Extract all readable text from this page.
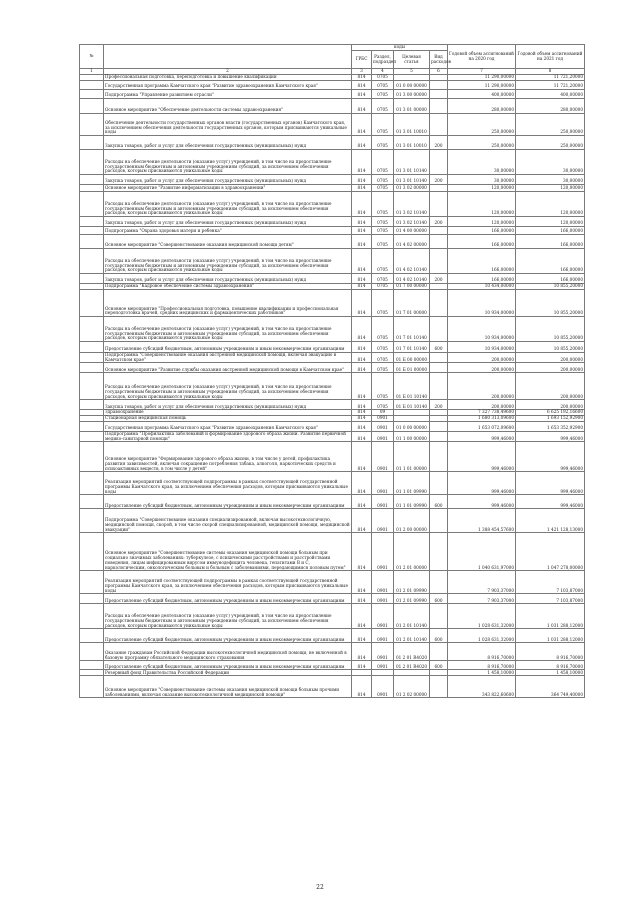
№		коды				Годовой объем ассигнований на 2020 год	Годовой объем ассигнований на 2021 год
		ГРБС	Раздел, подраздел	Целевая статья	Вид расходов		
1	2	3	4	5	6	7	8
	Профессиональная подготовка, переподготовка и повышение квалификации	814	0705			11 290,00000	11 721,20000
	Государственная программа Камчатского края "Развитие здравоохранения Камчатского края"	814	0705	01 0 00 00000		11 290,00000	11 721,20000
	Подпрограмма "Управление развитием отрасли"	814	0705	01 3 00 00000		400,00000	400,00000
	Основное мероприятие "Обеспечение деятельности системы здравоохранения"	814	0705	01 3 01 00000		280,00000	280,00000
	Обеспечение деятельности государственных органов власти (государственных органов) Камчатского края, за исключением обеспечения деятельности государственных органов, которым присваиваются уникальные коды	814	0705	01 3 01 10010		250,00000	250,00000
	Закупка товаров, работ и услуг для обеспечения государственных (муниципальных) нужд	814	0705	01 3 01 10010	200	250,00000	250,00000
	Расходы на обеспечение деятельности (оказание услуг) учреждений, в том числе на предоставление государственным бюджетным и автономным учреждениям субсидий, за исключением обеспечения расходов, которым присваиваются уникальные коды	814	0705	01 3 01 10140		30,00000	30,00000
	Закупка товаров, работ и услуг для обеспечения государственных (муниципальных) нужд	814	0705	01 3 01 10140	200	30,00000	30,00000
	Основное мероприятие "Развитие информатизации в здравоохранении"	814	0705	01 3 02 00000		120,00000	120,00000
	Расходы на обеспечение деятельности (оказание услуг) учреждений, в том числе на предоставление государственным бюджетным и автономным учреждениям субсидий, за исключением обеспечения расходов, которым присваиваются уникальные коды	814	0705	01 3 02 10140		120,00000	120,00000
	Закупка товаров, работ и услуг для обеспечения государственных (муниципальных) нужд	814	0705	01 3 02 10140	200	120,00000	120,00000
	Подпрограмма "Охрана здоровья матери и ребенка"	814	0705	01 4 00 00000		166,00000	166,00000
	Основное мероприятие "Совершенствование оказания медицинской помощи детям"	814	0705	01 4 02 00000		166,00000	166,00000
	Расходы на обеспечение деятельности (оказание услуг) учреждений, в том числе на предоставление государственным бюджетным и автономным учреждениям субсидий, за исключением обеспечения расходов, которым присваиваются уникальные коды	814	0705	01 4 02 10140		166,00000	166,00000
	Закупка товаров, работ и услуг для обеспечения государственных (муниципальных) нужд	814	0705	01 4 02 10140	200	166,00000	166,00000
	Подпрограмма "Кадровое обеспечение системы здравоохранения"	814	0705	01 7 00 00000		10 434,00000	10 855,20000
	Основное мероприятие "Профессиональная подготовка, повышение квалификации и профессиональная переподготовка врачей, средних медицинских и фармацевтических работников"	814	0705	01 7 01 00000		10 934,00000	10 855,20000
	Расходы на обеспечение деятельности (оказание услуг) учреждений, в том числе на предоставление государственным бюджетным и автономным учреждениям субсидий, за исключением обеспечения расходов, которым присваиваются уникальные коды	814	0705	01 7 01 10140		10 934,00000	10 855,20000
	Предоставление субсидий бюджетным, автономным учреждениям и иным некоммерческим организациям	814	0705	01 7 01 10140	600	10 934,00000	10 855,20000
	Подпрограмма "Совершенствование оказания экстренной медицинской помощи, включая эвакуацию в Камчатском крае"	814	0705	01 Б 00 00000		200,00000	200,00000
	Основное мероприятие "Развитие службы оказания экстренной медицинской помощи в Камчатском крае"	814	0705	01 Б 01 00000		200,00000	200,00000
	Расходы на обеспечение деятельности (оказание услуг) учреждений, в том числе на предоставление государственным бюджетным и автономным учреждениям субсидий, за исключением обеспечения расходов, которым присваиваются уникальные коды	814	0705	01 Б 01 10140		200,00000	200,00000
	Закупка товаров, работ и услуг для обеспечения государственных (муниципальных) нужд	814	0705	01 Б 01 10140	200	200,00000	200,00000
	Здравоохранение	814	09			7 327 738,49600	6 625 192,16600
	Стационарная медицинская помощь	814	0901			1 680 313,09600	1 693 152,92900
	Государственная программа Камчатского края "Развитие здравоохранения Камчатского края"	814	0901	01 0 00 00000		1 653 072,09600	1 653 352,92900
	Подпрограмма "Профилактика заболеваний и формирование здорового образа жизни. Развитие первичной медико-санитарной помощи"	814	0901	01 1 00 00000		999,46000	999,46000
	Основное мероприятие "Формирование здорового образа жизни, в том числе у детей, профилактика развития зависимостей, включая сокращение потребления табака, алкоголя, наркотических средств и психоактивных веществ, в том числе у детей"	814	0901	01 1 01 00000		999,46000	999,46000
	Реализация мероприятий соответствующей подпрограммы в рамках соответствующей государственной программы Камчатского края, за исключением обеспечения расходов, которым присваиваются уникальные коды	814	0901	01 1 01 09990		999,46000	999,46000
	Предоставление субсидий бюджетным, автономным учреждениям и иным некоммерческим организациям	814	0901	01 1 01 09990	600	999,46000	999,46000
	Подпрограмма "Совершенствование оказания специализированной, включая высокотехнологичную, медицинской помощи, скорой, в том числе скорой специализированной, медицинской помощи, медицинской эвакуации"	814	0901	01 2 00 00000		1 388 454,57600	1 421 128,13000
	Основное мероприятие "Совершенствование системы оказания медицинской помощи больным при социально значимых заболеваниях: туберкулезе, с психическими расстройствами и расстройствами поведения, лицам инфицированным вирусом иммунодефицита человека, гепатитами В и С, наркологическим, онкологическим больным и больным с заболеваниями, передающимися половым путем"	814	0901	01 2 01 00000		1 040 631,97000	1 047 278,00000
	Реализация мероприятий соответствующей подпрограммы в рамках соответствующей государственной программы Камчатского края, за исключением обеспечения расходов, которым присваиваются уникальные коды	814	0901	01 2 01 09990		7 903,37000	7 103,87000
	Предоставление субсидий бюджетным, автономным учреждениям и иным некоммерческим организациям	814	0901	01 2 01 09990	600	7 903,37000	7 103,87000
	Расходы на обеспечение деятельности (оказание услуг) учреждений, в том числе на предоставление государственным бюджетным и автономным учреждениям субсидий, за исключением обеспечения расходов, которым присваиваются уникальные коды	814	0901	01 2 01 10140		1 028 631,32000	1 031 288,12000
	Предоставление субсидий бюджетным, автономным учреждениям и иным некоммерческим организациям	814	0901	01 2 01 10140	600	1 028 631,32000	1 031 288,12000
	Оказание гражданам Российской Федерации высокотехнологичной медицинской помощи, не включенной в базовую программу обязательного медицинского страхования	814	0901	01 2 01 R4020		8 916,70000	8 916,70000
	Предоставление субсидий бюджетным, автономным учреждениям и иным некоммерческим организациям	814	0901	01 2 01 R4020	600	8 916,70000	8 916,70000
	Резервный фонд Правительства Российской Федерации					1 458,10000	1 458,10000
	Основное мероприятие "Совершенствование системы оказания медицинской помощи больным прочими заболеваниями, включая оказание высокотехнологичной медицинской помощи"	814	0901	01 2 02 00000		343 822,60600	364 749,40000
22
